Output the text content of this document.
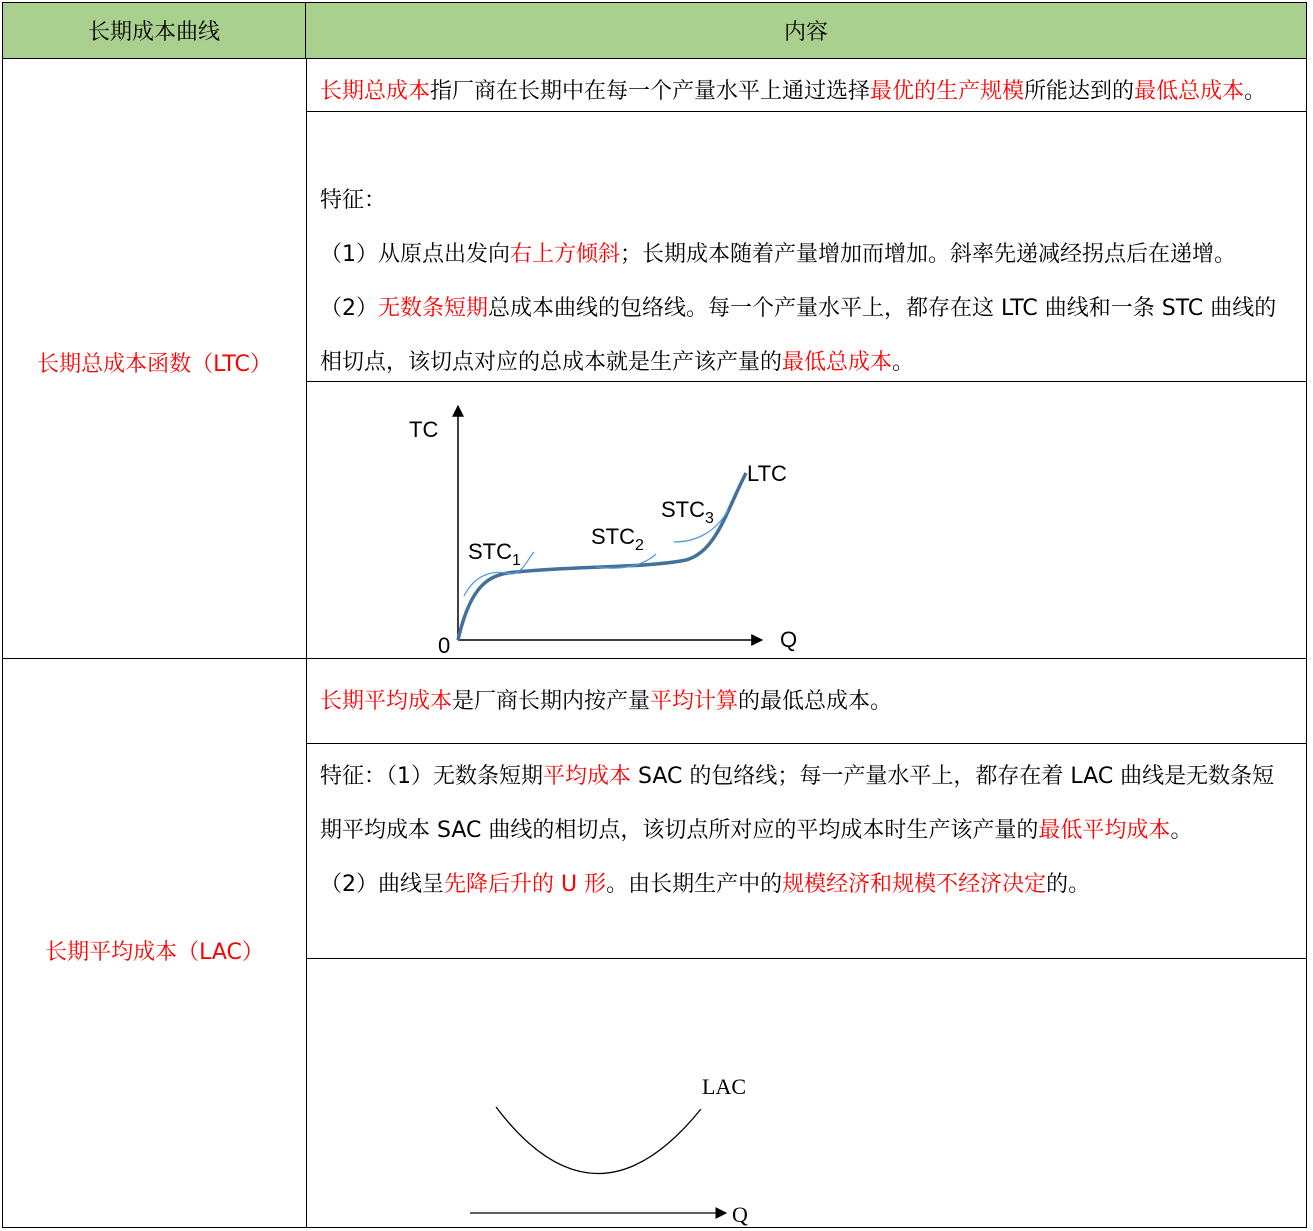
长期成本曲线	内容
长期总成本函数（LTC）
长期总成本指厂商在长期中在每一个产量水平上通过选择最优的生产规模所能达到的最低总成本。
特征：
（1）从原点出发向右上方倾斜；长期成本随着产量增加而增加。斜率先递减经拐点后在递增。
（2）无数条短期总成本曲线的包络线。每一个产量水平上，都存在这 LTC 曲线和一条 STC 曲线的相切点，该切点对应的总成本就是生产该产量的最低总成本。
TC
Q
0
LTC
$STC_1$
$STC_2$
$STC_3$
长期平均成本（LAC）
长期平均成本是厂商长期内按产量平均计算的最低总成本。
特征：（1）无数条短期平均成本 SAC 的包络线；每一产量水平上，都存在着 LAC 曲线是无数条短期平均成本 SAC 曲线的相切点，该切点所对应的平均成本时生产该产量的最低平均成本。
（2）曲线呈先降后升的 U 形。由长期生产中的规模经济和规模不经济决定的。
LAC
Q
